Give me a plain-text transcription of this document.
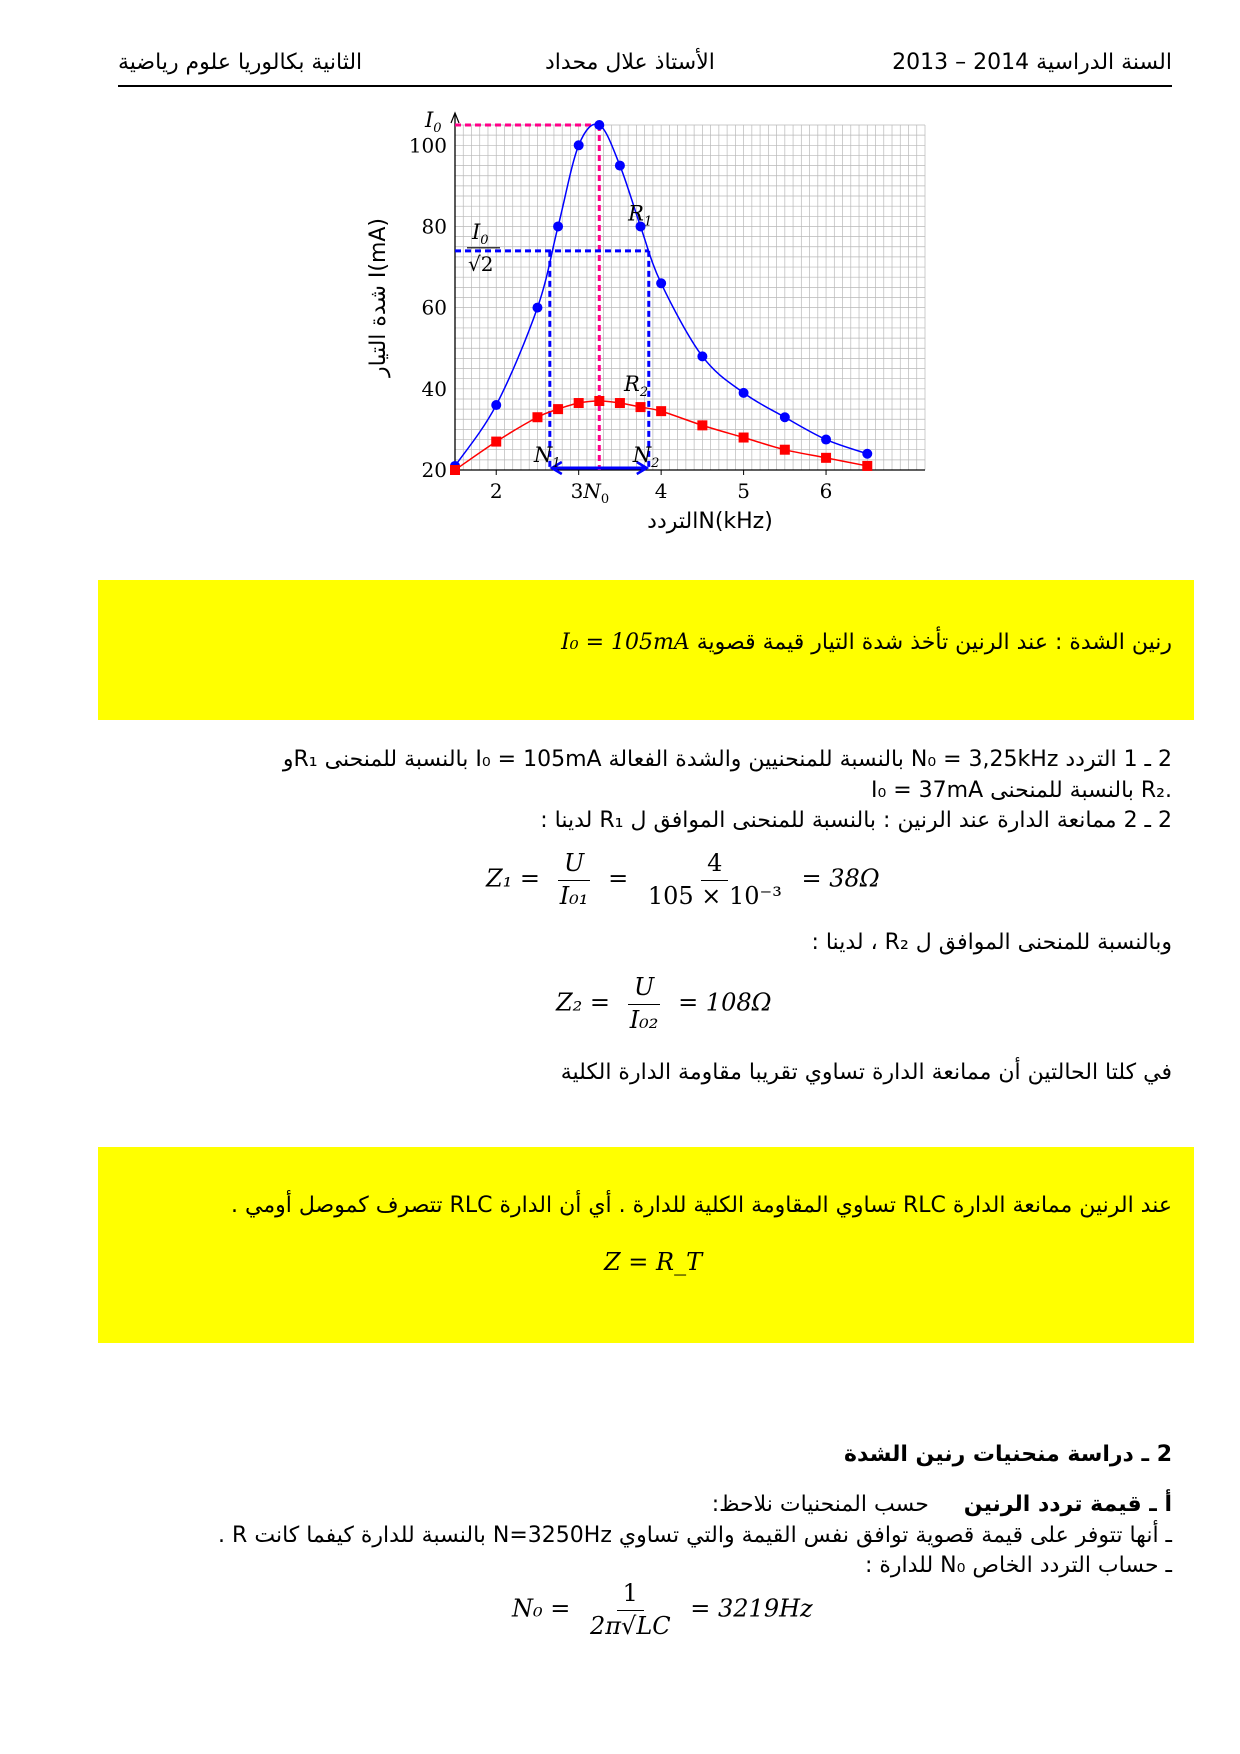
السنة الدراسية 2014 – 2013
الأستاذ علال محداد
الثانية بكالوريا علوم رياضية
2	4	5	6
20
40
60
80
100
الترددN(kHz)
شدة التيار I(mA)
$I_0$
$I_0$
√2
$R_1$
$R_2$
$N_1$	$N_2$
$3N_0$
رنين الشدة : عند الرنين تأخذ شدة التيار قيمة قصوية I₀ = 105mA
2 ـ 1 التردد N₀ = 3,25kHz بالنسبة للمنحنيين والشدة الفعالة I₀ = 105mA بالنسبة للمنحنى R₁و
I₀ = 37mA بالنسبة للمنحنى R₂.
2 ـ 2 ممانعة الدارة عند الرنين : بالنسبة للمنحنى الموافق ل R₁ لدينا :
$Z_1 = \frac{U}{\text{I₀₁}} = \frac{4}{\text{105 × 10⁻³}} = 38\Omega$
وبالنسبة للمنحنى الموافق ل R₂ ، لدينا :
$Z_2 = \frac{U}{\text{I₀₂}} = 108\Omega$
في كلتا الحالتين أن ممانعة الدارة تساوي تقريبا مقاومة الدارة الكلية
عند الرنين ممانعة الدارة RLC تساوي المقاومة الكلية للدارة . أي أن الدارة RLC تتصرف كموصل أومي .
Z = R_T
2 ـ دراسة منحنيات رنين الشدة
أ ـ قيمة تردد الرنين     حسب المنحنيات نلاحظ:
ـ أنها تتوفر على قيمة قصوية توافق نفس القيمة والتي تساوي N=3250Hz بالنسبة للدارة كيفما كانت R .
ـ حساب التردد الخاص N₀ للدارة :
$N_0 = \frac{1}{2\pi√LC} = 3219Hz$
